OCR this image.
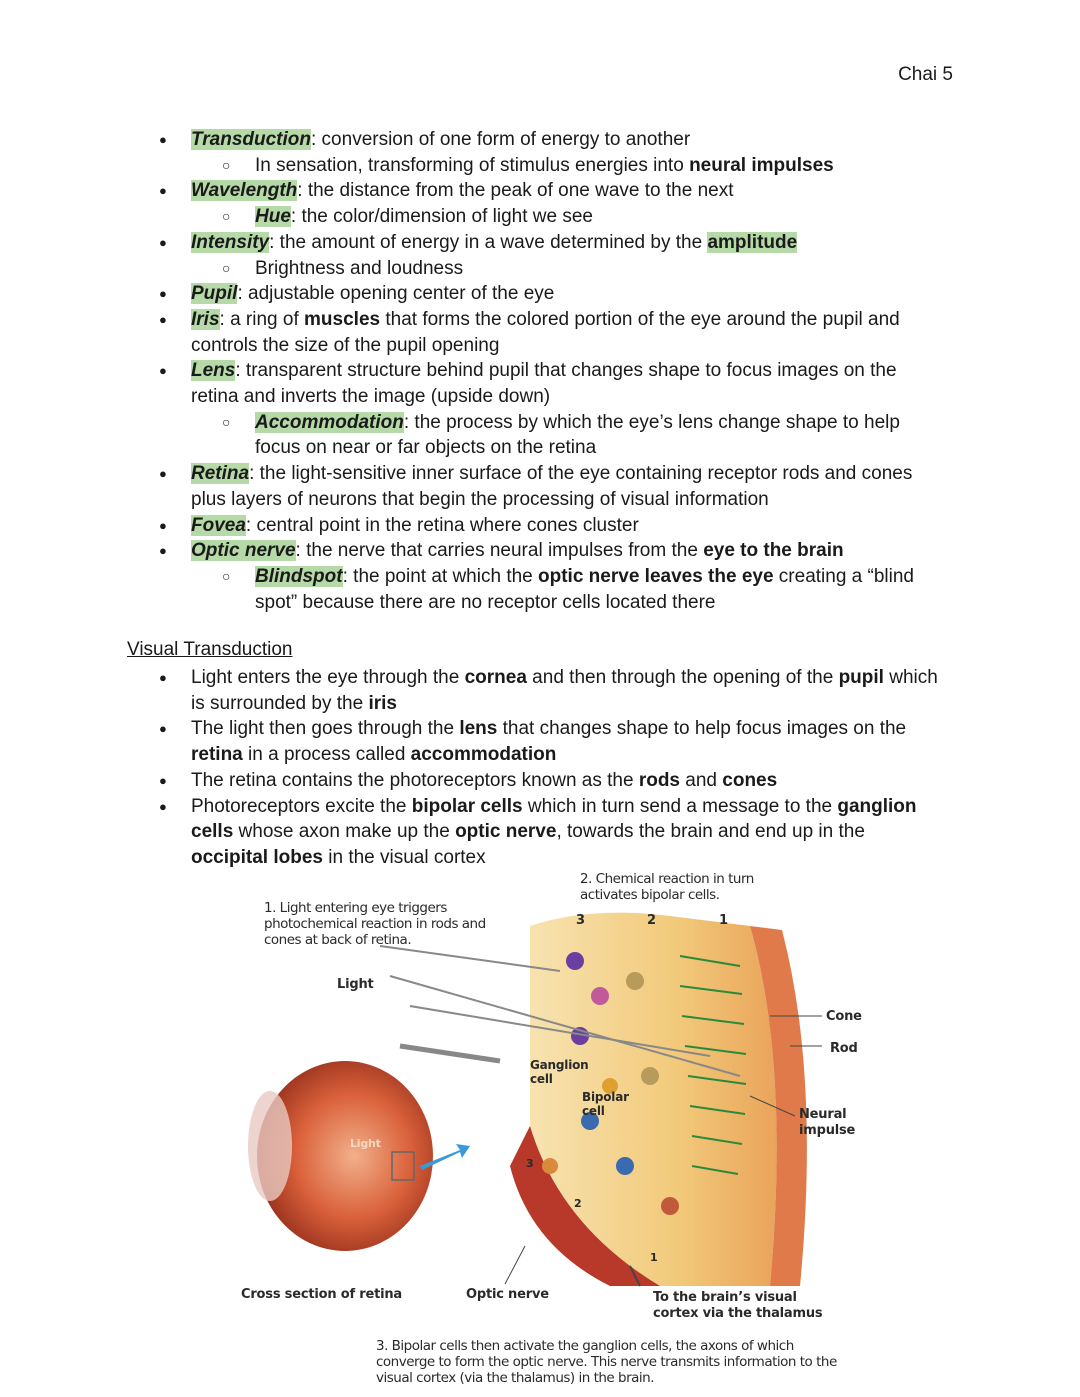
Chai 5
● Transduction: conversion of one form of energy to another
○ In sensation, transforming of stimulus energies into neural impulses
● Wavelength: the distance from the peak of one wave to the next
○ Hue: the color/dimension of light we see
● Intensity: the amount of energy in a wave determined by the amplitude
○ Brightness and loudness
● Pupil: adjustable opening center of the eye
● Iris: a ring of muscles that forms the colored portion of the eye around the pupil and controls the size of the pupil opening
● Lens: transparent structure behind pupil that changes shape to focus images on the retina and inverts the image (upside down)
○ Accommodation: the process by which the eye’s lens change shape to help focus on near or far objects on the retina
● Retina: the light-sensitive inner surface of the eye containing receptor rods and cones plus layers of neurons that begin the processing of visual information
● Fovea: central point in the retina where cones cluster
● Optic nerve: the nerve that carries neural impulses from the eye to the brain
○ Blindspot: the point at which the optic nerve leaves the eye creating a “blind spot” because there are no receptor cells located there
Visual Transduction
● Light enters the eye through the cornea and then through the opening of the pupil which is surrounded by the iris
● The light then goes through the lens that changes shape to help focus images on the retina in a process called accommodation
● The retina contains the photoreceptors known as the rods and cones
● Photoreceptors excite the bipolar cells which in turn send a message to the ganglion cells whose axon make up the optic nerve, towards the brain and end up in the occipital lobes in the visual cortex
2. Chemical reaction in turn activates bipolar cells.
3	2	1
1. Light entering eye triggers photochemical reaction in rods and cones at back of retina.
Light
Cone
Rod
Ganglion cell
Bipolar cell	Neural impulse
Light
3
2
1
Cross section of retina	Optic nerve	To the brain’s visual cortex via the thalamus
3. Bipolar cells then activate the ganglion cells, the axons of which converge to form the optic nerve. This nerve transmits information to the visual cortex (via the thalamus) in the brain.
